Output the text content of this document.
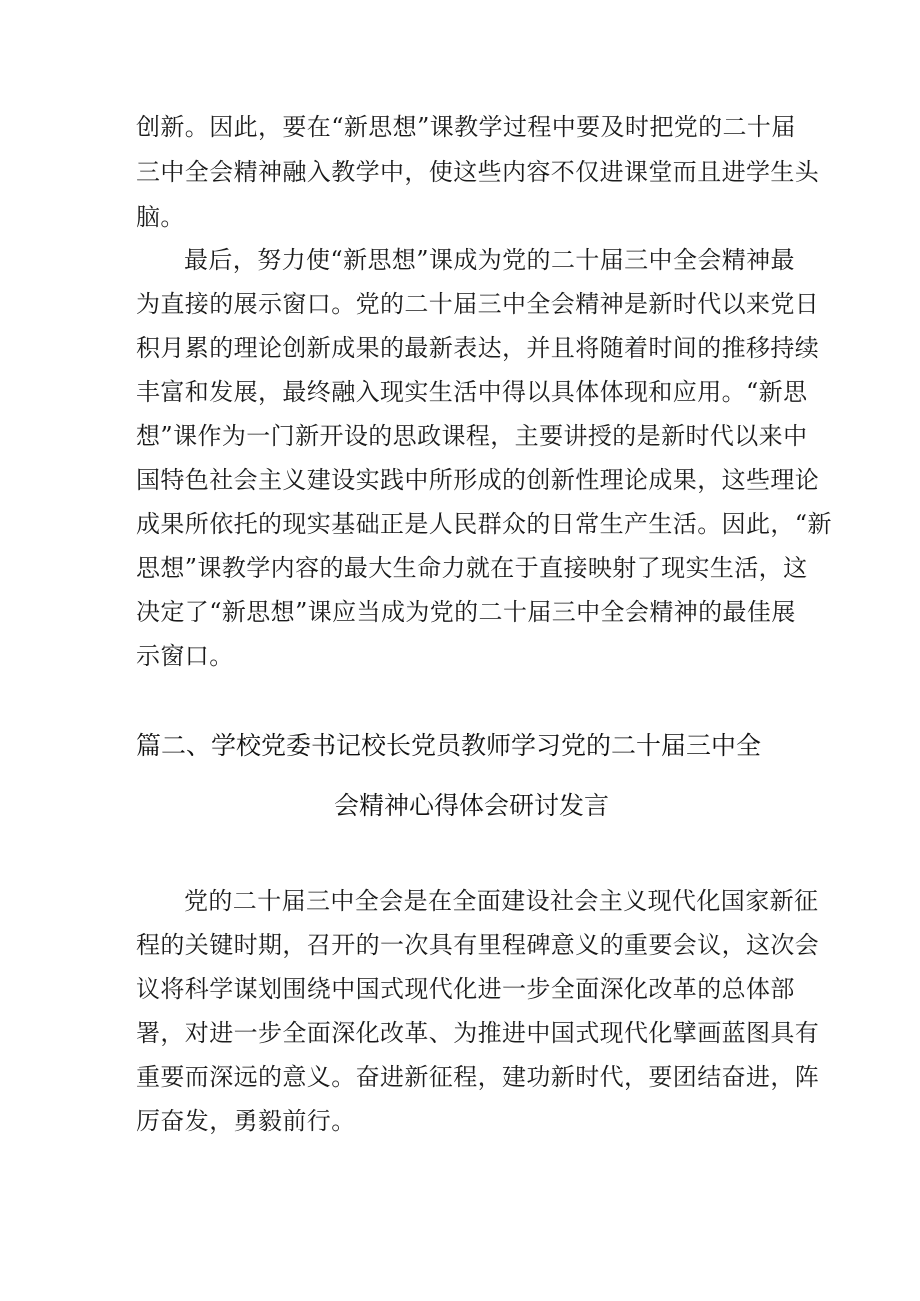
创新。因此，要在“新思想”课教学过程中要及时把党的二十届
三中全会精神融入教学中，使这些内容不仅进课堂而且进学生头
脑。
最后，努力使“新思想”课成为党的二十届三中全会精神最
为直接的展示窗口。党的二十届三中全会精神是新时代以来党日
积月累的理论创新成果的最新表达，并且将随着时间的推移持续
丰富和发展，最终融入现实生活中得以具体体现和应用。“新思
想”课作为一门新开设的思政课程，主要讲授的是新时代以来中
国特色社会主义建设实践中所形成的创新性理论成果，这些理论
成果所依托的现实基础正是人民群众的日常生产生活。因此，“新
思想”课教学内容的最大生命力就在于直接映射了现实生活，这
决定了“新思想”课应当成为党的二十届三中全会精神的最佳展
示窗口。
篇二、学校党委书记校长党员教师学习党的二十届三中全
会精神心得体会研讨发言
党的二十届三中全会是在全面建设社会主义现代化国家新征
程的关键时期，召开的一次具有里程碑意义的重要会议，这次会
议将科学谋划围绕中国式现代化进一步全面深化改革的总体部
署，对进一步全面深化改革、为推进中国式现代化擘画蓝图具有
重要而深远的意义。奋进新征程，建功新时代，要团结奋进，阵
厉奋发，勇毅前行。
